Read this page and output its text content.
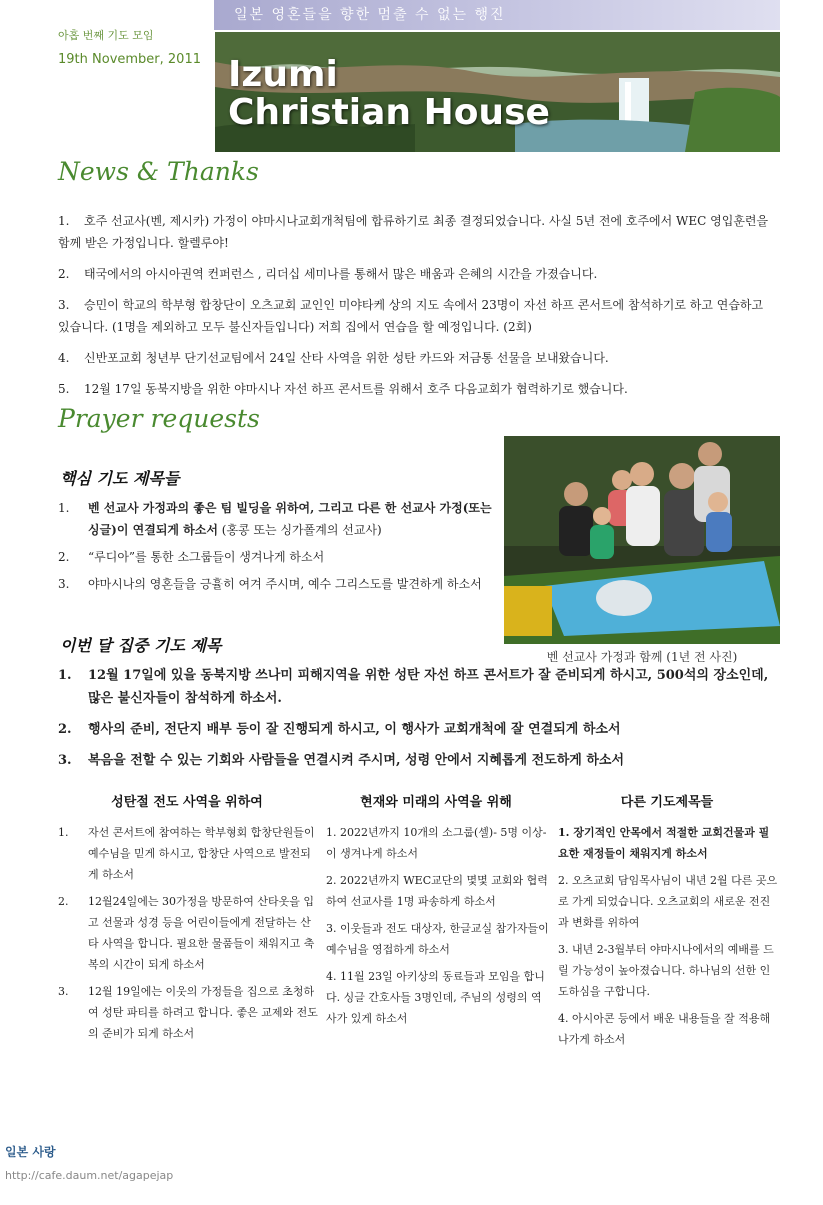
일본 영혼들을 향한 멈출 수 없는 행진
아홉 번째 기도 모임
19th November, 2011 Izumi
Christian House
News & Thanks
1. 호주 선교사(벤, 제시카) 가정이 야마시나교회개척팀에 합류하기로 최종 결정되었습니다. 사실 5년 전에 호주에서 WEC 영입훈련을 함께 받은 가정입니다. 할렐루야!
2. 태국에서의 아시아권역 컨퍼런스 , 리더십 세미나를 통해서 많은 배움과 은혜의 시간을 가졌습니다.
3. 승민이 학교의 학부형 합창단이 오츠교회 교인인 미야타케 상의 지도 속에서 23명이 자선 하프 콘서트에 참석하기로 하고 연습하고 있습니다. (1명을 제외하고 모두 불신자들입니다) 저희 집에서 연습을 할 예정입니다. (2회)
4. 신반포교회 청년부 단기선교팀에서 24일 산타 사역을 위한 성탄 카드와 저금통 선물을 보내왔습니다.
5. 12월 17일 동북지방을 위한 야마시나 자선 하프 콘서트를 위해서 호주 다음교회가 협력하기로 했습니다.
Prayer requests
핵심 기도 제목들
1. 벤 선교사 가정과의 좋은 팀 빌딩을 위하여, 그리고 다른 한 선교사 가정(또는 싱글)이 연결되게 하소서 (홍콩 또는 싱가폴계의 선교사)
2. “루디아”를 통한 소그룹들이 생겨나게 하소서
3. 야마시나의 영혼들을 긍휼히 여겨 주시며, 예수 그리스도를 발견하게 하소서
벤 선교사 가정과 함께 (1년 전 사진)
이번 달 집중 기도 제목
1. 12월 17일에 있을 동북지방 쓰나미 피해지역을 위한 성탄 자선 하프 콘서트가 잘 준비되게 하시고, 500석의 장소인데, 많은 불신자들이 참석하게 하소서.
2. 행사의 준비, 전단지 배부 등이 잘 진행되게 하시고, 이 행사가 교회개척에 잘 연결되게 하소서
3. 복음을 전할 수 있는 기회와 사람들을 연결시켜 주시며, 성령 안에서 지혜롭게 전도하게 하소서
성탄절 전도 사역을 위하여	현재와 미래의 사역을 위해	다른 기도제목들
1. 자선 콘서트에 참여하는 학부형회 합창단원들이 예수님을 믿게 하시고, 합창단 사역으로 발전되게 하소서
2. 12월24일에는 30가정을 방문하여 산타옷을 입고 선물과 성경 등을 어린이들에게 전달하는 산타 사역을 합니다. 필요한 물품들이 채워지고 축복의 시간이 되게 하소서
3. 12월 19일에는 이웃의 가정들을 집으로 초청하여 성탄 파티를 하려고 합니다. 좋은 교제와 전도의 준비가 되게 하소서
1. 2022년까지 10개의 소그룹(셀)- 5명 이상- 이 생겨나게 하소서
2. 2022년까지 WEC교단의 몇몇 교회와 협력하여 선교사를 1명 파송하게 하소서
3. 이웃들과 전도 대상자, 한글교실 참가자들이 예수님을 영접하게 하소서
4. 11월 23일 아키상의 동료들과 모임을 합니다. 싱글 간호사들 3명인데, 주님의 성령의 역사가 있게 하소서
1. 장기적인 안목에서 적절한 교회건물과 필요한 재정들이 채워지게 하소서
2. 오츠교회 담임목사님이 내년 2월 다른 곳으로 가게 되었습니다. 오츠교회의 새로운 전진과 변화를 위하여
3. 내년 2-3월부터 야마시나에서의 예배를 드릴 가능성이 높아졌습니다. 하나님의 선한 인도하심을 구합니다.
4. 아시아콘 등에서 배운 내용들을 잘 적용해나가게 하소서
일본 사랑
http://cafe.daum.net/agapejap
